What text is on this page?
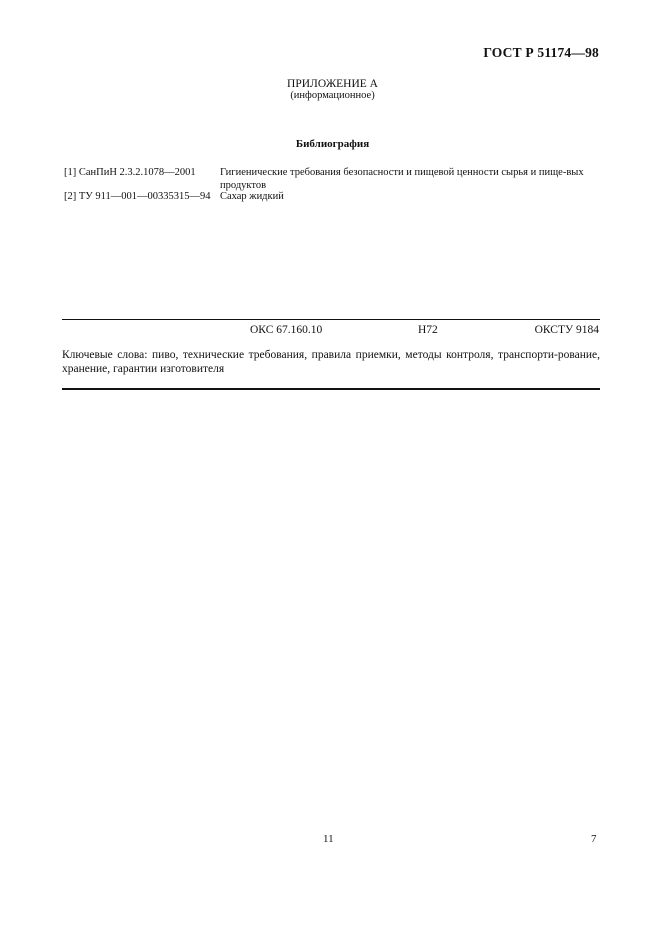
ГОСТ Р 51174—98
ПРИЛОЖЕНИЕ А
(информационное)
Библиография
[1] СанПиН 2.3.2.1078—2001 Гигиенические требования безопасности и пищевой ценности сырья и пище-вых продуктов
[2] ТУ 911—001—00335315—94 Сахар жидкий
ОКС 67.160.10	Н72	ОКСТУ 9184
Ключевые слова: пиво, технические требования, правила приемки, методы контроля, транспорти-рование, хранение, гарантии изготовителя
11	7
